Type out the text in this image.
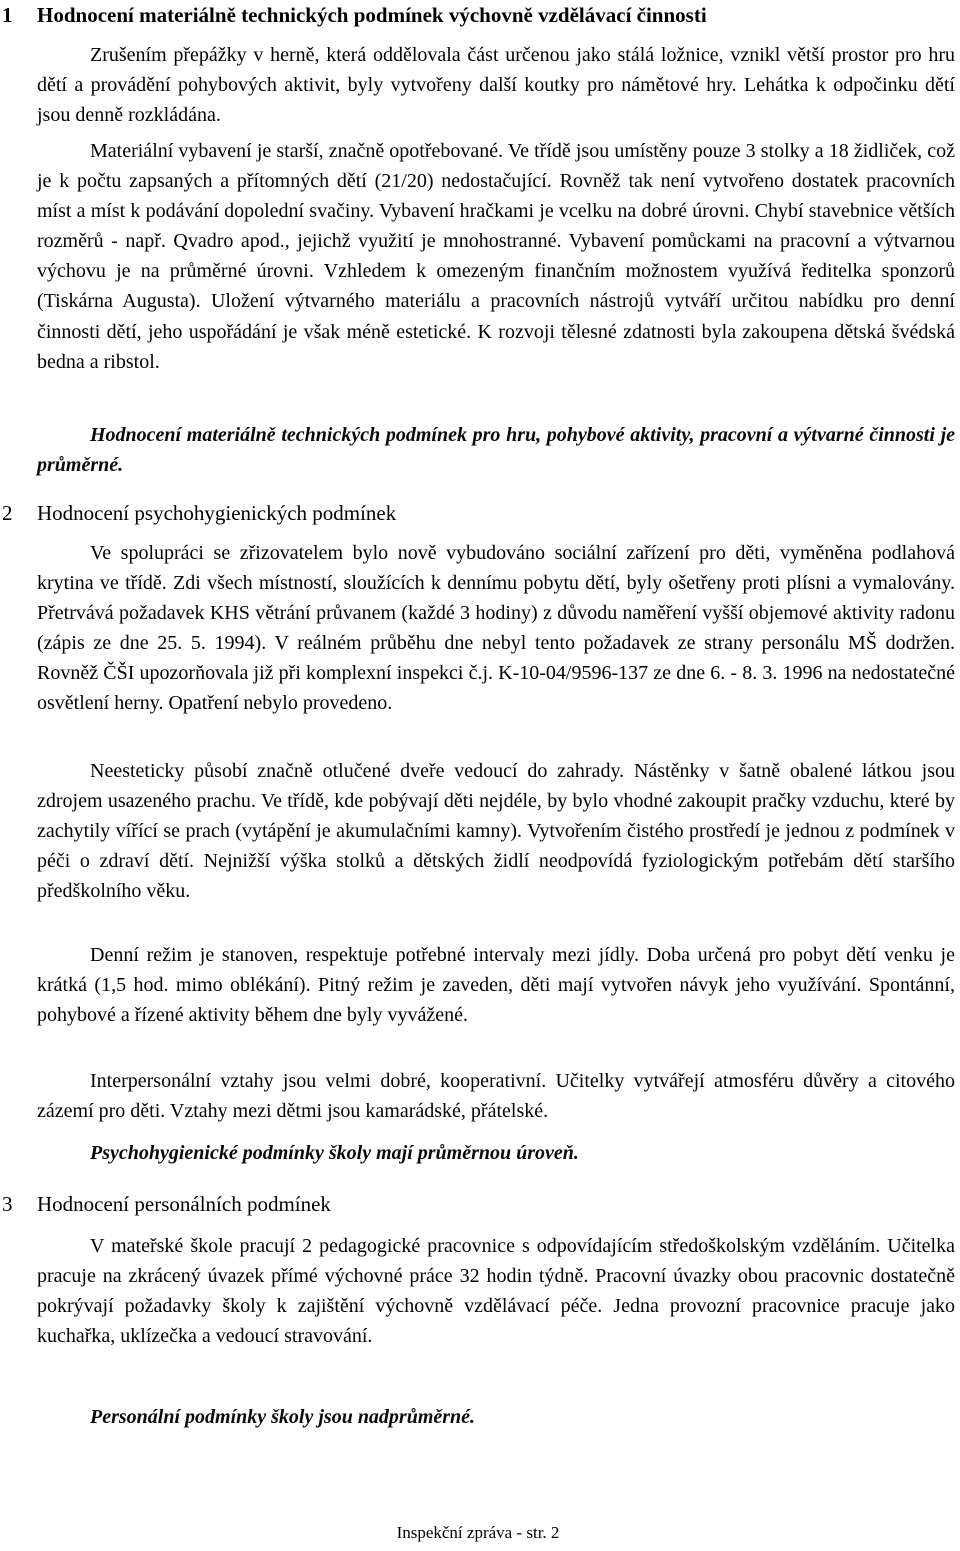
1 Hodnocení materiálně technických podmínek výchovně vzdělávací činnosti

Zrušením přepážky v herně, která oddělovala část určenou jako stálá ložnice, vznikl větší prostor pro hru dětí a provádění pohybových aktivit, byly vytvořeny další koutky pro námětové hry. Lehátka k odpočinku dětí jsou denně rozkládána.

Materiální vybavení je starší, značně opotřebované. Ve třídě jsou umístěny pouze 3 stolky a 18 židliček, což je k počtu zapsaných a přítomných dětí (21/20) nedostačující. Rovněž tak není vytvořeno dostatek pracovních míst a míst k podávání dopolední svačiny. Vybavení hračkami je vcelku na dobré úrovni. Chybí stavebnice větších rozměrů - např. Qvadro apod., jejichž využití je mnohostranné. Vybavení pomůckami na pracovní a výtvarnou výchovu je na průměrné úrovni. Vzhledem k omezeným finančním možnostem využívá ředitelka sponzorů (Tiskárna Augusta). Uložení výtvarného materiálu a pracovních nástrojů vytváří určitou nabídku pro denní činnosti dětí, jeho uspořádání je však méně estetické. K rozvoji tělesné zdatnosti byla zakoupena dětská švédská bedna a ribstol.

Hodnocení materiálně technických podmínek pro hru, pohybové aktivity, pracovní a výtvarné činnosti je průměrné.

2 Hodnocení psychohygienických podmínek

Ve spolupráci se zřizovatelem bylo nově vybudováno sociální zařízení pro děti, vyměněna podlahová krytina ve třídě. Zdi všech místností, sloužících k dennímu pobytu dětí, byly ošetřeny proti plísni a vymalovány. Přetrvává požadavek KHS větrání průvanem (každé 3 hodiny) z důvodu naměření vyšší objemové aktivity radonu (zápis ze dne 25. 5. 1994). V reálném průběhu dne nebyl tento požadavek ze strany personálu MŠ dodržen. Rovněž ČŠI upozorňovala již při komplexní inspekci č.j. K-10-04/9596-137 ze dne 6. - 8. 3. 1996 na nedostatečné osvětlení herny. Opatření nebylo provedeno.

Neesteticky působí značně otlučené dveře vedoucí do zahrady. Nástěnky v šatně obalené látkou jsou zdrojem usazeného prachu. Ve třídě, kde pobývají děti nejdéle, by bylo vhodné zakoupit pračky vzduchu, které by zachytily vířící se prach (vytápění je akumulačními kamny). Vytvořením čistého prostředí je jednou z podmínek v péči o zdraví dětí. Nejnižší výška stolků a dětských židlí neodpovídá fyziologickým potřebám dětí staršího předškolního věku.

Denní režim je stanoven, respektuje potřebné intervaly mezi jídly. Doba určená pro pobyt dětí venku je krátká (1,5 hod. mimo oblékání). Pitný režim je zaveden, děti mají vytvořen návyk jeho využívání. Spontánní, pohybové a řízené aktivity během dne byly vyvážené.

Interpersonální vztahy jsou velmi dobré, kooperativní. Učitelky vytvářejí atmosféru důvěry a citového zázemí pro děti. Vztahy mezi dětmi jsou kamarádské, přátelské.

Psychohygienické podmínky školy mají průměrnou úroveň.

3 Hodnocení personálních podmínek

V mateřské škole pracují 2 pedagogické pracovnice s odpovídajícím středoškolským vzděláním. Učitelka pracuje na zkrácený úvazek přímé výchovné práce 32 hodin týdně. Pracovní úvazky obou pracovnic dostatečně pokrývají požadavky školy k zajištění výchovně vzdělávací péče. Jedna provozní pracovnice pracuje jako kuchařka, uklízečka a vedoucí stravování.

Personální podmínky školy jsou nadprůměrné.

Inspekční zpráva - str. 2
